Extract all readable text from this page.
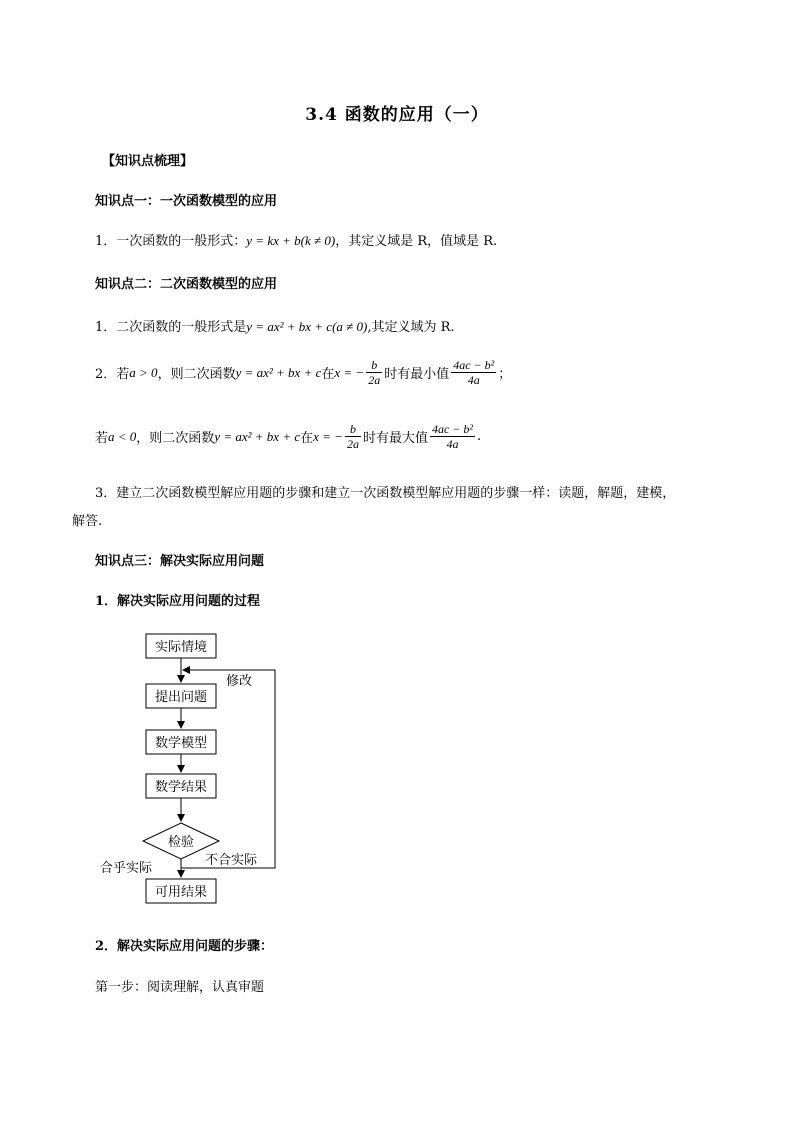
3.4 函数的应用（一）
【知识点梳理】
知识点一：一次函数模型的应用
1．一次函数的一般形式：y = kx + b(k ≠ 0)，其定义域是 R，值域是 R.
知识点二：二次函数模型的应用
1．二次函数的一般形式是y = ax² + bx + c(a ≠ 0),其定义域为 R.
2．若 a > 0 ，则二次函数 y = ax² + bx + c 在 x = − $\frac{b}{2a}$ 时有最小值 $\frac{\text{4ac − b²}}{4a}$ ；
若 a < 0 ，则二次函数 y = ax² + bx + c 在 x = − $\frac{b}{2a}$ 时有最大值 $\frac{\text{4ac − b²}}{4a}$ .
3．建立二次函数模型解应用题的步骤和建立一次函数模型解应用题的步骤一样：读题，解题，建模，
解答.
知识点三：解决实际应用问题
1．解决实际应用问题的过程
实际情境
提出问题
数学模型
数学结果
检验
可用结果
修改
合乎实际
不合实际
2．解决实际应用问题的步骤：
第一步：阅读理解，认真审题
